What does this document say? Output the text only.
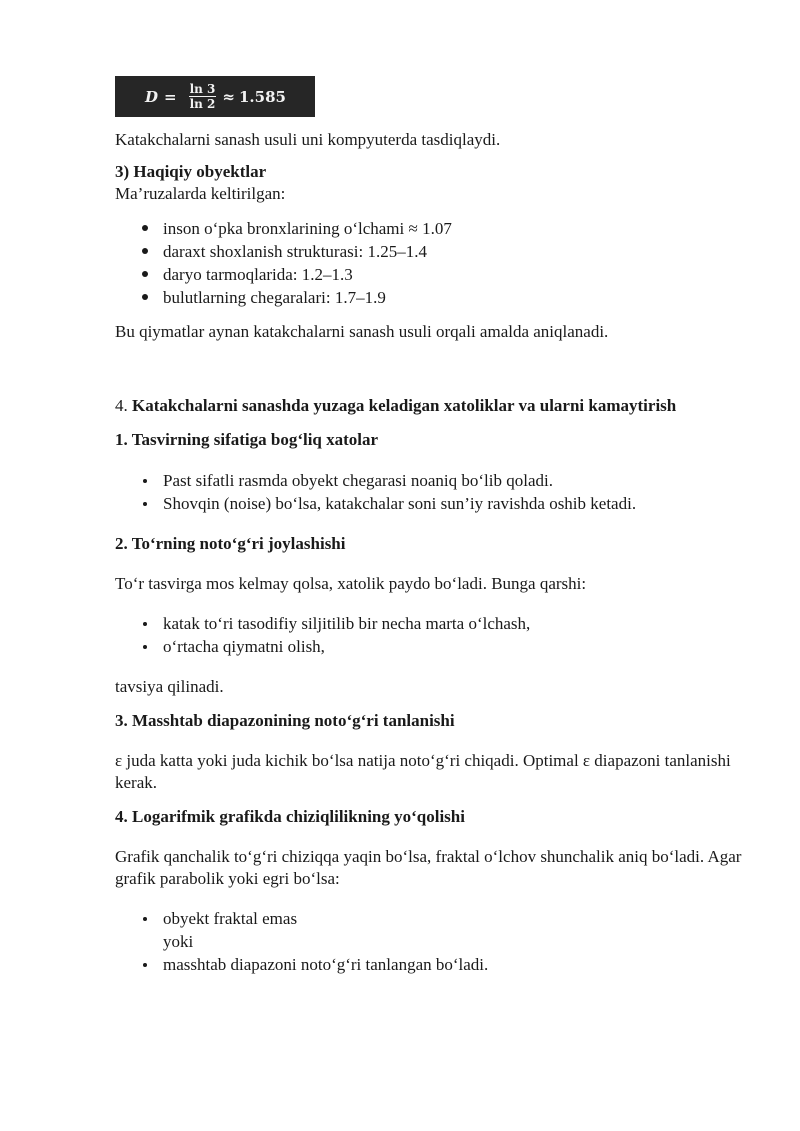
$D = \frac{\ln 3}{\ln 2} \approx 1.585$

Katakchalarni sanash usuli uni kompyuterda tasdiqlaydi.

3) Haqiqiy obyektlar

Ma’ruzalarda keltirilgan:

inson o‘pka bronxlarining o‘lchami ≈ 1.07
daraxt shoxlanish strukturasi: 1.25–1.4
daryo tarmoqlarida: 1.2–1.3
bulutlarning chegaralari: 1.7–1.9

Bu qiymatlar aynan katakchalarni sanash usuli orqali amalda aniqlanadi.

4. Katakchalarni sanashda yuzaga keladigan xatoliklar va ularni kamaytirish

1. Tasvirning sifatiga bog‘liq xatolar

Past sifatli rasmda obyekt chegarasi noaniq bo‘lib qoladi.
Shovqin (noise) bo‘lsa, katakchalar soni sun’iy ravishda oshib ketadi.

2. To‘rning noto‘g‘ri joylashishi

To‘r tasvirga mos kelmay qolsa, xatolik paydo bo‘ladi. Bunga qarshi:

katak to‘ri tasodifiy siljitilib bir necha marta o‘lchash,
o‘rtacha qiymatni olish,

tavsiya qilinadi.

3. Masshtab diapazonining noto‘g‘ri tanlanishi

ε juda katta yoki juda kichik bo‘lsa natija noto‘g‘ri chiqadi. Optimal ε diapazoni tanlanishi kerak.

4. Logarifmik grafikda chiziqlilikning yo‘qolishi

Grafik qanchalik to‘g‘ri chiziqqa yaqin bo‘lsa, fraktal o‘lchov shunchalik aniq bo‘ladi. Agar grafik parabolik yoki egri bo‘lsa:

obyekt fraktal emas
yoki
masshtab diapazoni noto‘g‘ri tanlangan bo‘ladi.
